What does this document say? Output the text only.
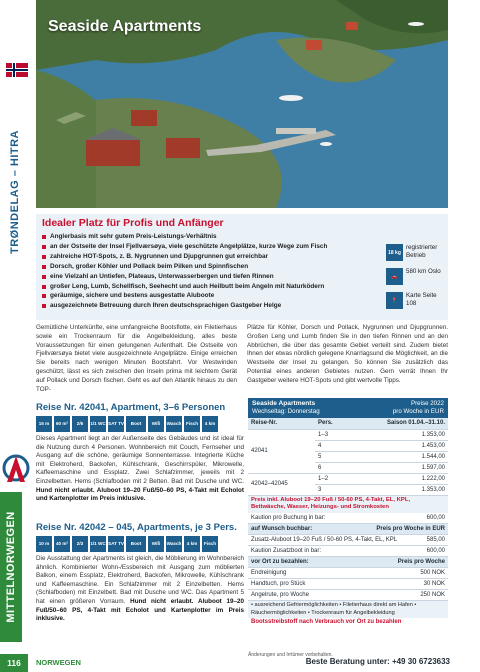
TRØNDELAG – HITRA
MITTELNORWEGEN
Seaside Apartments
Idealer Platz für Profis und Anfänger
Anglerbasis mit sehr gutem Preis-Leistungs-Verhältnis
an der Ostseite der Insel Fjellværsøya, viele geschützte Angelplätze, kurze Wege zum Fisch
zahlreiche HOT-Spots, z. B. Nygrunnen und Djupgrunnen gut erreichbar
Dorsch, großer Köhler und Pollack beim Pilken und Spinnfischen
eine Vielzahl an Untiefen, Plateaus, Unterwasserbergen und tiefen Rinnen
großer Leng, Lumb, Schellfisch, Seehecht und auch Heilbutt beim Angeln mit Naturködern
geräumige, sichere und bestens ausgestatte Aluboote
ausgezeichnete Betreuung durch Ihren deutschsprachigen Gastgeber Helge
18 kg
registrierter Betrieb
🚗
580 km Oslo
📍
Karte Seite 108

Gemütliche Unterkünfte, eine umfangreiche Bootsflotte, ein Filetierhaus sowie ein Trockenraum für die Angelbekleidung, alles beste Voraussetzungen für einen gelungenen Aufenthalt. Die Ostseite von Fjellværsøya bietet viele ausgezeichnete Angelplätze. Einige erreichen Sie bereits nach wenigen Minuten Bootsfahrt. Vor Westwinden geschützt, lässt es sich zwischen den Inseln prima mit leichtem Gerät auf Pollack und Dorsch fischen. Geht es auf den Atlantik hinaus zu den TOP-

Plätze für Köhler, Dorsch und Pollack, Nygrunnen und Djupgrunnen. Großen Leng und Lumb finden Sie in den tiefen Rinnen und an den Abbrüchen, die über das gesamte Gebiet verteilt sind. Zudem bietet Ihnen der etwas nördlich gelegene Knarrlagsund die Möglichkeit, an die Westseite der Insel zu gelangen. So können Sie zusätzlich das Potential eines anderen Gebietes nutzen. Gern verrät Ihnen Ihr Gastgeber weitere HOT-Spots und gibt wertvolle Tipps.

Reise Nr. 42041, Apartment, 3–6 Personen
15 m	60 m²	2/6	1/1 WC SAT TV	Boot	Wifi	Wasch	Fisch	4 km

Dieses Apartment liegt an der Außenseite des Gebäudes und ist ideal für die Nutzung durch 4 Personen. Wohnbereich mit Couch, Fernseher und Ausgang auf die schöne, geräumige Sonnenterrasse. Integrierte Küche mit Elektroherd, Backofen, Kühlschrank, Geschirrspüler, Mikrowelle, Kaffeemaschine und Essplatz. Zwei Schlafzimmer, jeweils mit 2 Einzelbetten. Hems (Schlafboden mit 2 Betten. Bad mit Dusche und WC. Hund nicht erlaubt. Aluboot 19–20 Fuß/50–60 PS, 4-Takt mit Echolot und Kartenplotter im Preis inklusive.

Reise Nr. 42042 – 045, Apartments, je 3 Pers.
10 m	40 m²	2/3	1/1 WC SAT TV	Boot	Wifi	Wasch	4 km	Fisch

Die Ausstattung der Apartments ist gleich, die Möblierung im Wohnbereich ähnlich. Kombinierter Wohn-/Essbereich mit Ausgang zum möblierten Balkon, einem Essplatz, Elektroherd, Backofen, Mikrowelle, Kühlschrank und Kaffeemaschine. Ein Schlafzimmer mit 2 Einzelbetten. Hems (Schlafboden) mit Einzelbett. Bad mit Dusche und WC. Das Apartment 5 hat einen größeren Vorraum. Hund nicht erlaubt. Aluboot 19–20 Fuß/50–60 PS, 4-Takt mit Echolot und Kartenplotter im Preis inklusive.

Seaside Apartments
Wechseltag: Donnerstag
Preise 2022
pro Woche in EUR
Reise-Nr.	Pers.	Saison 01.04.–31.10.
42041	1–3	1.353,00
	4	1.453,00
	5	1.544,00
	6	1.597,00
42042–42045	1–2	1.222,00
	3	1.353,00
Preis inkl. Aluboot 19–20 Fuß / 50-60 PS, 4-Takt, EL, KPL, Bettwäsche, Wasser, Heizungs- und Stromkosten
Kaution pro Buchung in bar:	600,00
auf Wunsch buchbar:	Preis pro Woche in EUR
Zusatz-Aluboot 19–20 Fuß / 50-60 PS, 4-Takt, EL, KPL	585,00
Kaution Zusatzboot in bar:	600,00
vor Ort zu bezahlen:	Preis pro Woche
Endreinigung	500 NOK
Handtuch, pro Stück	30 NOK
Angelrute, pro Woche	250 NOK
• ausreichend Gefriermöglichkeiten • Filetierhaus direkt am Hafen • Räuchermöglichkeiten • Trockenraum für Angelbekleidung
Bootsstreibstoff nach Verbrauch vor Ort zu bezahlen
Änderungen und Irrtümer vorbehalten.
116	NORWEGEN	Beste Beratung unter: +49 30 6723633
